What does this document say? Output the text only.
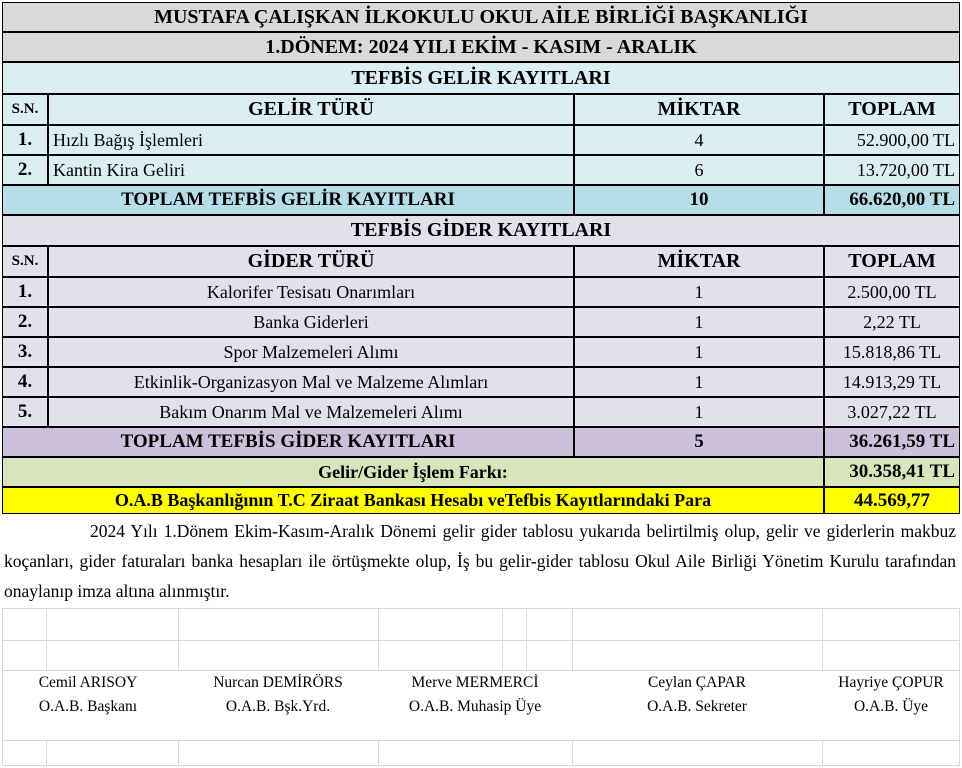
MUSTAFA ÇALIŞKAN İLKOKULU OKUL AİLE BİRLİĞİ BAŞKANLIĞI
1.DÖNEM: 2024 YILI EKİM - KASIM - ARALIK
TEFBİS GELİR KAYITLARI
S.N.	GELİR TÜRÜ	MİKTAR	TOPLAM
1.	Hızlı Bağış İşlemleri	4	52.900,00 TL
2.	Kantin Kira Geliri	6	13.720,00 TL
TOPLAM TEFBİS GELİR KAYITLARI	10	66.620,00 TL
TEFBİS GİDER KAYITLARI
S.N.	GİDER TÜRÜ	MİKTAR	TOPLAM
1.	Kalorifer Tesisatı Onarımları	1	2.500,00 TL
2.	Banka Giderleri	1	2,22 TL
3.	Spor Malzemeleri Alımı	1	15.818,86 TL
4.	Etkinlik-Organizasyon Mal ve Malzeme Alımları	1	14.913,29 TL
5.	Bakım Onarım Mal ve Malzemeleri Alımı	1	3.027,22 TL
TOPLAM TEFBİS GİDER KAYITLARI	5	36.261,59 TL
Gelir/Gider İşlem Farkı:	30.358,41 TL
O.A.B Başkanlığının T.C Ziraat Bankası Hesabı veTefbis Kayıtlarındaki Para	44.569,77
2024 Yılı 1.Dönem Ekim-Kasım-Aralık Dönemi gelir gider tablosu yukarıda belirtilmiş olup, gelir ve giderlerin makbuz koçanları, gider faturaları banka hesapları ile örtüşmekte olup, İş bu gelir-gider tablosu Okul Aile Birliği Yönetim Kurulu tarafından onaylanıp imza altına alınmıştır.
Cemil ARISOY
O.A.B. Başkanı
Nurcan DEMİRÖRS
O.A.B. Bşk.Yrd.
Merve MERMERCİ
O.A.B. Muhasip Üye
Ceylan ÇAPAR
O.A.B. Sekreter
Hayriye ÇOPUR
O.A.B. Üye
